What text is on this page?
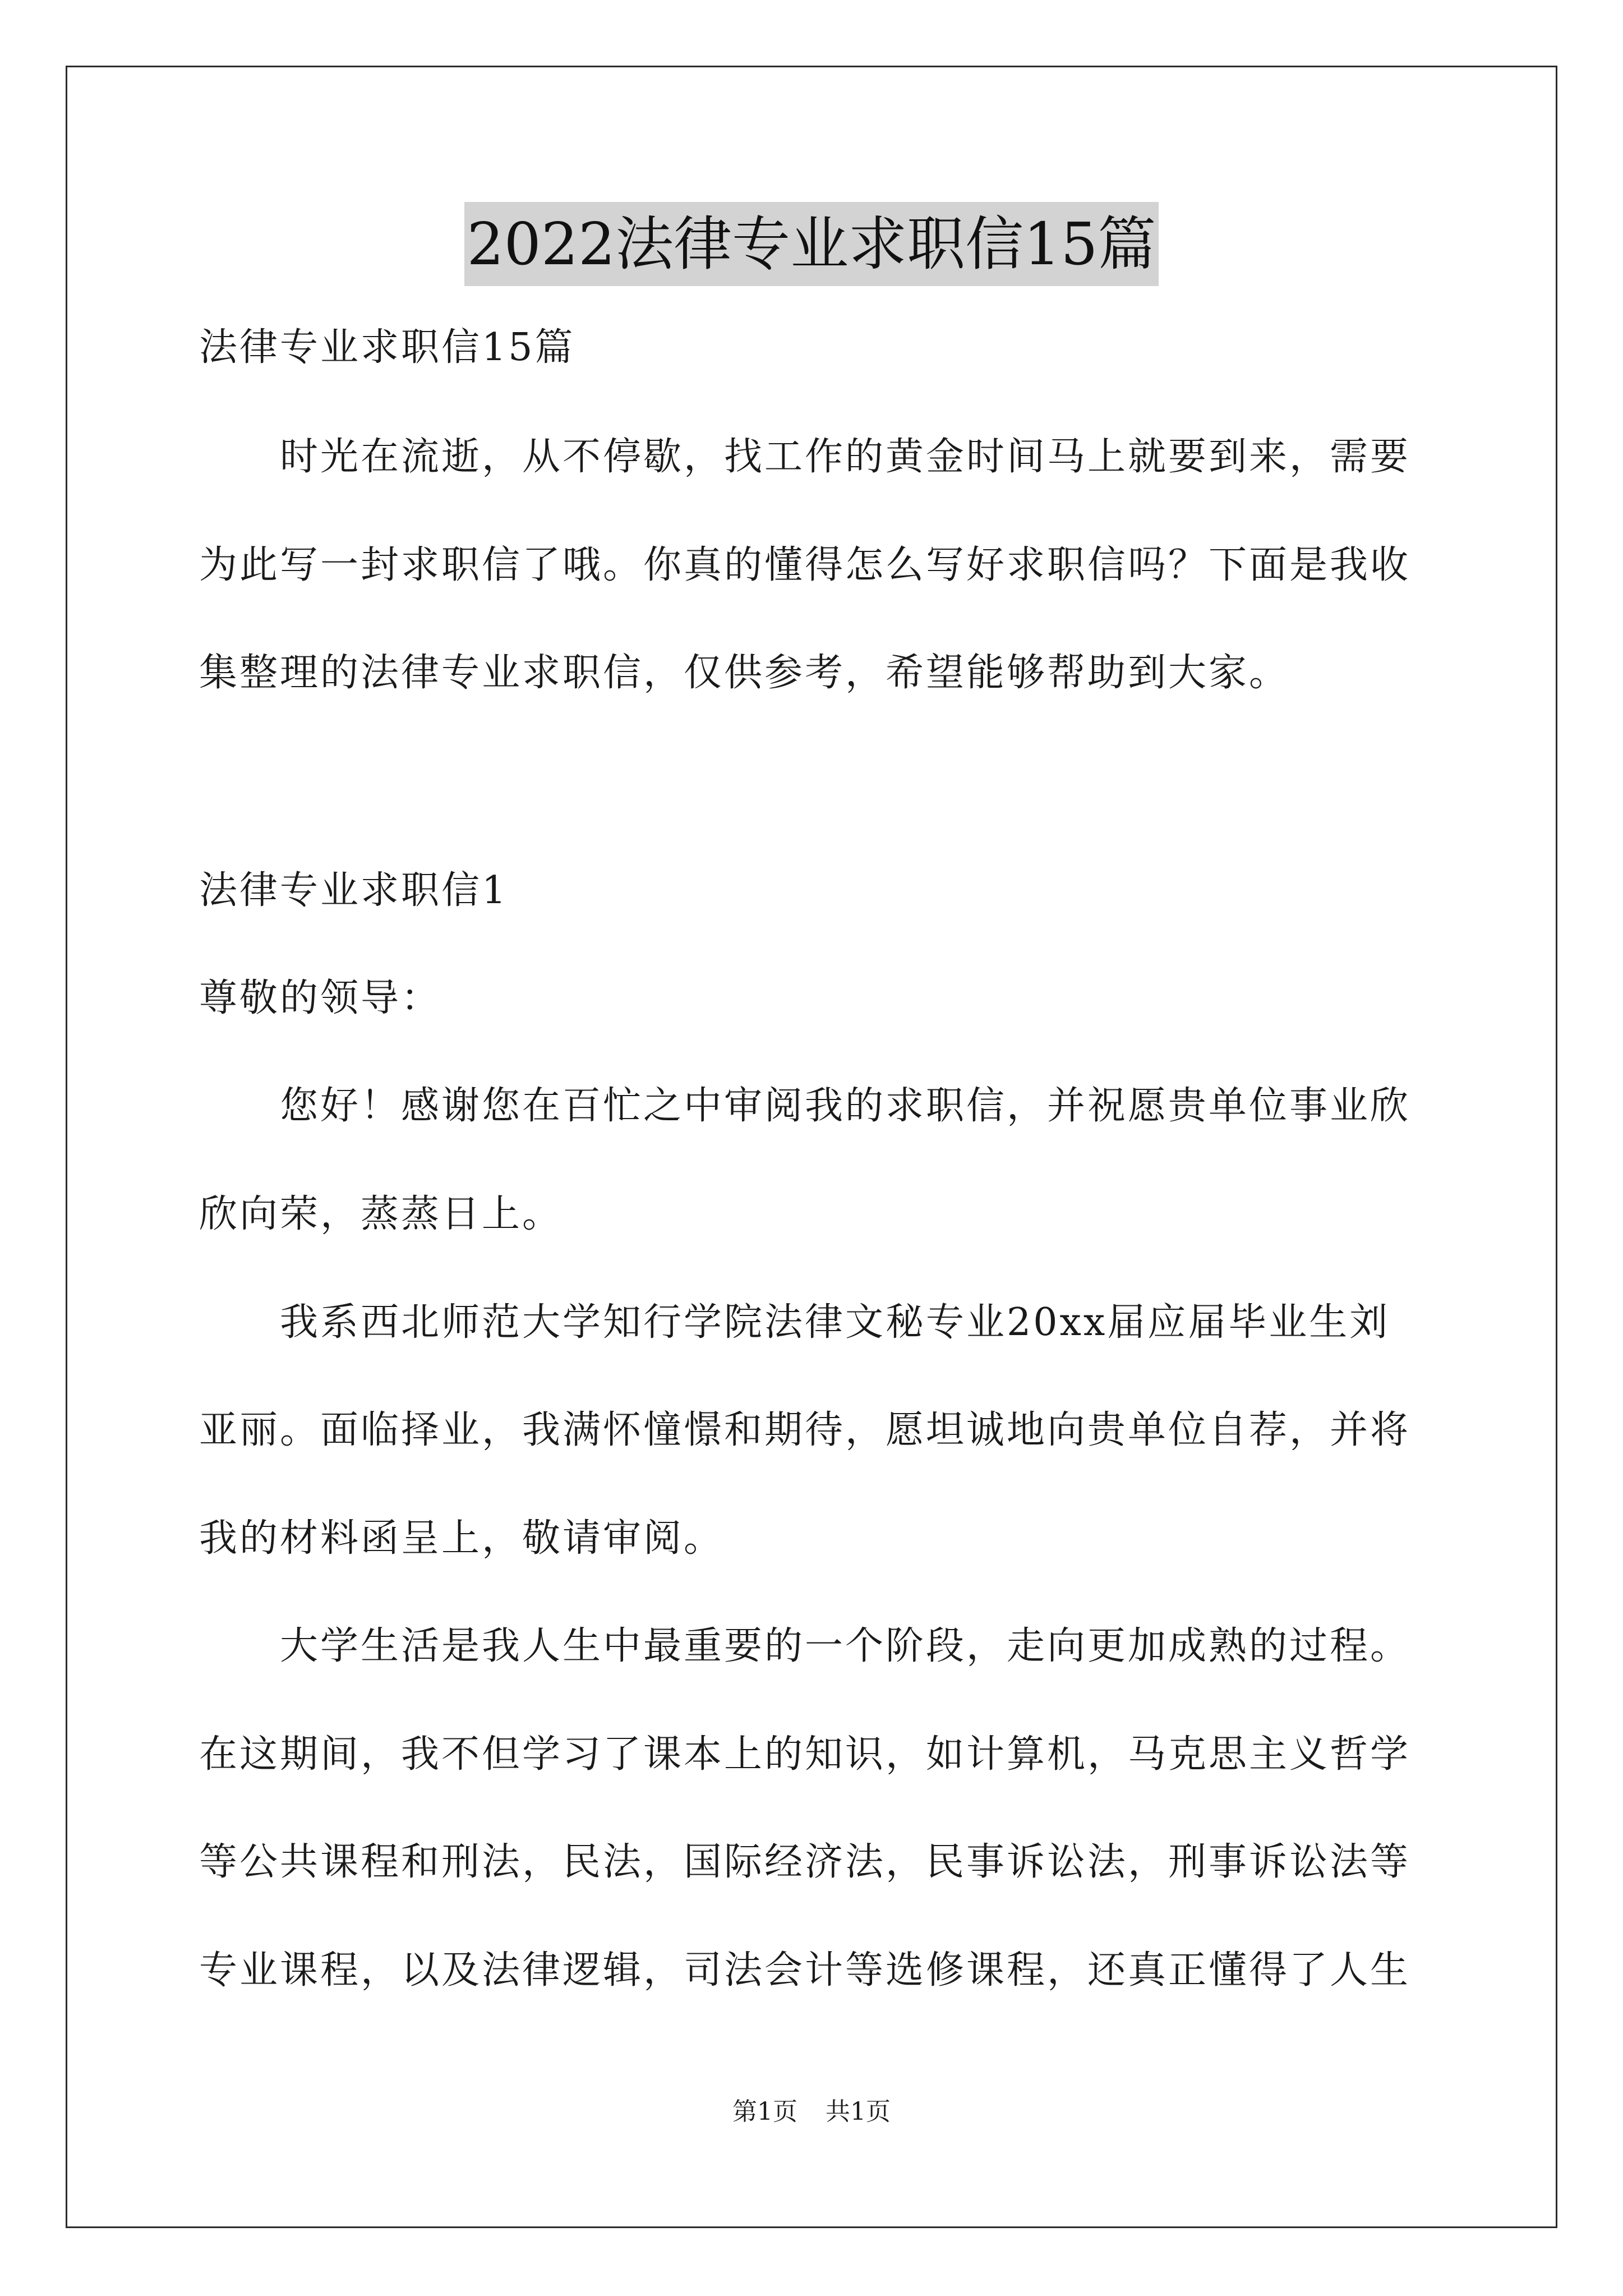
2022法律专业求职信15篇
法律专业求职信15篇
　　时光在流逝，从不停歇，找工作的黄金时间马上就要到来，需要
为此写一封求职信了哦。你真的懂得怎么写好求职信吗？下面是我收
集整理的法律专业求职信，仅供参考，希望能够帮助到大家。
法律专业求职信1
尊敬的领导：
　　您好！感谢您在百忙之中审阅我的求职信，并祝愿贵单位事业欣
欣向荣，蒸蒸日上。
　　我系西北师范大学知行学院法律文秘专业20xx届应届毕业生刘
亚丽。面临择业，我满怀憧憬和期待，愿坦诚地向贵单位自荐，并将
我的材料函呈上，敬请审阅。
　　大学生活是我人生中最重要的一个阶段，走向更加成熟的过程。
在这期间，我不但学习了课本上的知识，如计算机，马克思主义哲学
等公共课程和刑法，民法，国际经济法，民事诉讼法，刑事诉讼法等
专业课程，以及法律逻辑，司法会计等选修课程，还真正懂得了人生
第1页 共1页
